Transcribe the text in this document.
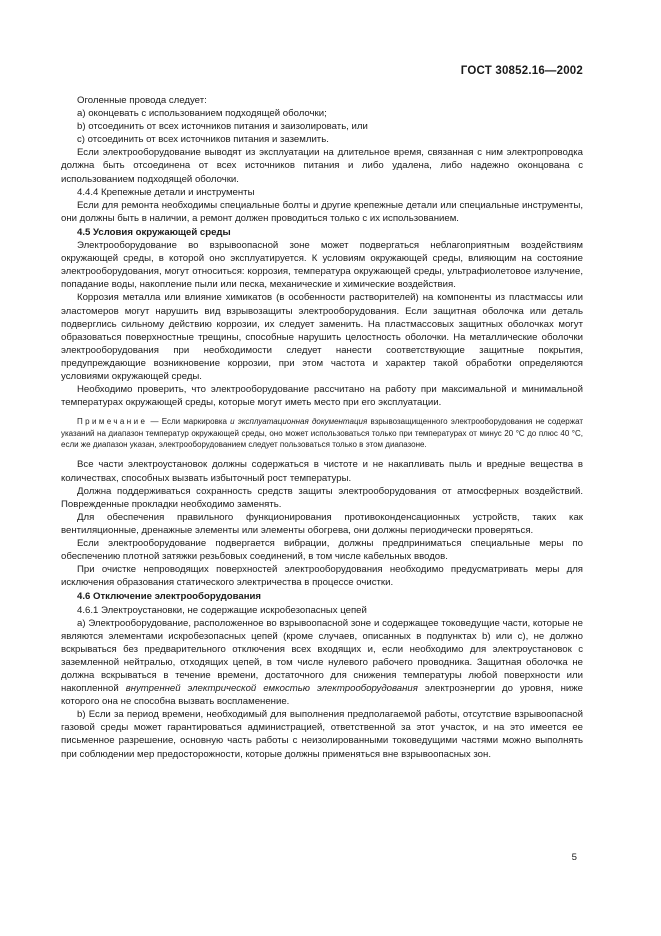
ГОСТ 30852.16—2002

Оголенные провода следует:

а) оконцевать с использованием подходящей оболочки;

b) отсоединить от всех источников питания и заизолировать, или

с) отсоединить от всех источников питания и заземлить.

Если электрооборудование выводят из эксплуатации на длительное время, связанная с ним электропроводка должна быть отсоединена от всех источников питания и либо удалена, либо надежно оконцована с использованием подходящей оболочки.

4.4.4 Крепежные детали и инструменты

Если для ремонта необходимы специальные болты и другие крепежные детали или специальные инструменты, они должны быть в наличии, а ремонт должен проводиться только с их использованием.

4.5 Условия окружающей среды

Электрооборудование во взрывоопасной зоне может подвергаться неблагоприятным воздействиям окружающей среды, в которой оно эксплуатируется. К условиям окружающей среды, влияющим на состояние электрооборудования, могут относиться: коррозия, температура окружающей среды, ультрафиолетовое излучение, попадание воды, накопление пыли или песка, механические и химические воздействия.

Коррозия металла или влияние химикатов (в особенности растворителей) на компоненты из пластмассы или эластомеров могут нарушить вид взрывозащиты электрооборудования. Если защитная оболочка или деталь подверглись сильному действию коррозии, их следует заменить. На пластмассовых защитных оболочках могут образоваться поверхностные трещины, способные нарушить целостность оболочки. На металлические оболочки электрооборудования при необходимости следует нанести соответствующие защитные покрытия, предупреждающие возникновение коррозии, при этом частота и характер такой обработки определяются условиями окружающей среды.

Необходимо проверить, что электрооборудование рассчитано на работу при максимальной и минимальной температурах окружающей среды, которые могут иметь место при его эксплуатации.

Примечание — Если маркировка и эксплуатационная документация взрывозащищенного электрооборудования не содержат указаний на диапазон температур окружающей среды, оно может использоваться только при температурах от минус 20 °С до плюс 40 °С, если же диапазон указан, электрооборудованием следует пользоваться только в этом диапазоне.

Все части электроустановок должны содержаться в чистоте и не накапливать пыль и вредные вещества в количествах, способных вызвать избыточный рост температуры.

Должна поддерживаться сохранность средств защиты электрооборудования от атмосферных воздействий. Поврежденные прокладки необходимо заменять.

Для обеспечения правильного функционирования противоконденсационных устройств, таких как вентиляционные, дренажные элементы или элементы обогрева, они должны периодически проверяться.

Если электрооборудование подвергается вибрации, должны предприниматься специальные меры по обеспечению плотной затяжки резьбовых соединений, в том числе кабельных вводов.

При очистке непроводящих поверхностей электрооборудования необходимо предусматривать меры для исключения образования статического электричества в процессе очистки.

4.6 Отключение электрооборудования

4.6.1 Электроустановки, не содержащие искробезопасных цепей

а) Электрооборудование, расположенное во взрывоопасной зоне и содержащее токоведущие части, которые не являются элементами искробезопасных цепей (кроме случаев, описанных в подпунктах b) или с), не должно вскрываться без предварительного отключения всех входящих и, если необходимо для электроустановок с заземленной нейтралью, отходящих цепей, в том числе нулевого рабочего проводника. Защитная оболочка не должна вскрываться в течение времени, достаточного для снижения температуры любой поверхности или накопленной внутренней электрической емкостью электрооборудования электроэнергии до уровня, ниже которого она не способна вызвать воспламенение.

b) Если за период времени, необходимый для выполнения предполагаемой работы, отсутствие взрывоопасной газовой среды может гарантироваться администрацией, ответственной за этот участок, и на это имеется ее письменное разрешение, основную часть работы с неизолированными токоведущими частями можно выполнять при соблюдении мер предосторожности, которые должны применяться вне взрывоопасных зон.

5
